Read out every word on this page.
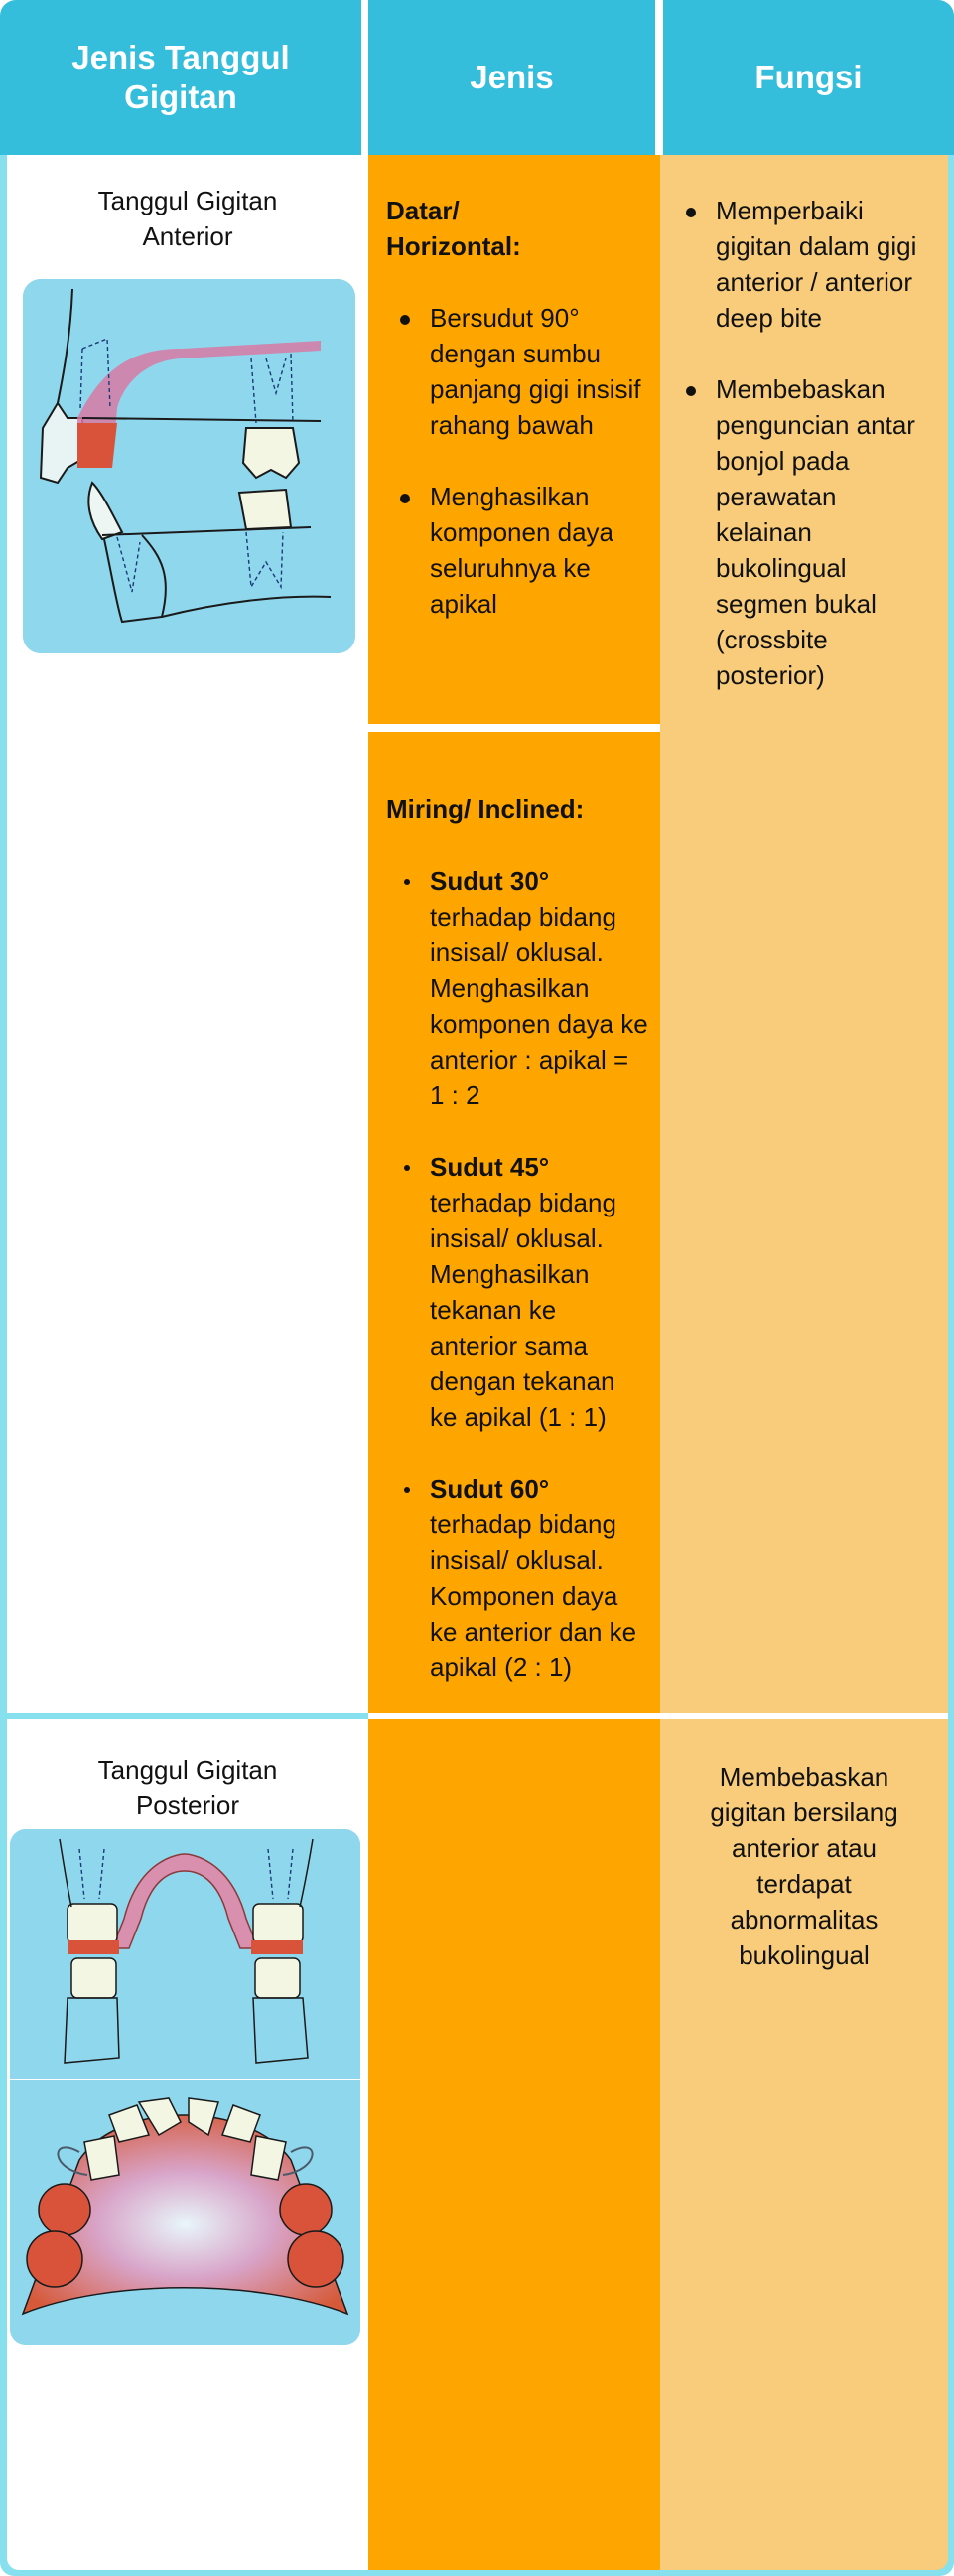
Jenis Tanggul Gigitan
Jenis	Fungsi
Tanggul Gigitan Anterior
Datar/ Horizontal:
Bersudut 90° dengan sumbu panjang gigi insisif rahang bawah
Menghasilkan komponen daya seluruhnya ke apikal
Miring/ Inclined:
Sudut 30°
terhadap bidang insisal/ oklusal. Menghasilkan komponen daya ke anterior : apikal = 1 : 2
Sudut 45°
terhadap bidang insisal/ oklusal. Menghasilkan tekanan ke anterior sama dengan tekanan ke apikal (1 : 1)
Sudut 60°
terhadap bidang insisal/ oklusal. Komponen daya ke anterior dan ke apikal (2 : 1)
Memperbaiki gigitan dalam gigi anterior / anterior deep bite
Membebaskan penguncian antar bonjol pada perawatan kelainan bukolingual segmen bukal (crossbite posterior)
Tanggul Gigitan Posterior
Membebaskan gigitan bersilang anterior atau terdapat abnormalitas bukolingual
